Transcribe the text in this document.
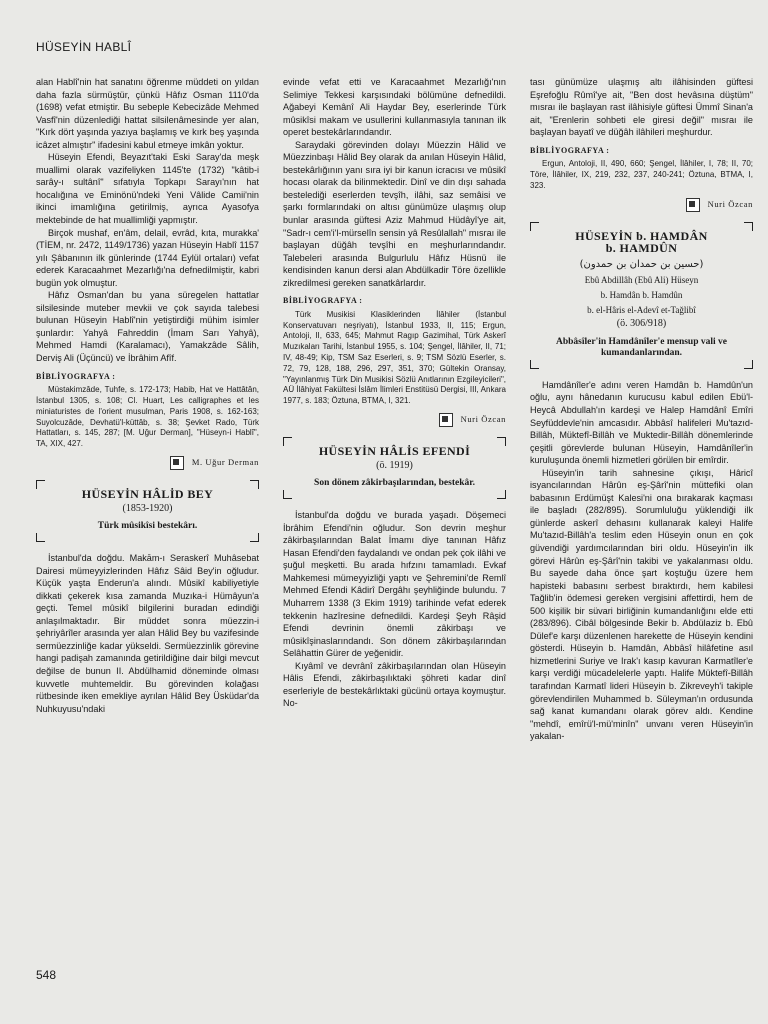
HÜSEYİN HABLÎ

alan Hablî'nin hat sanatını öğrenme müddeti on yıldan daha fazla sürmüştür, çünkü Hâfız Osman 1110'da (1698) vefat etmiştir. Bu sebeple Kebecizâde Mehmed Vasfî'nin düzenlediği hattat silsilenâmesinde yer alan, "Kırk dört yaşında yazıya başlamış ve kırk beş yaşında icâzet almıştır" ifadesini kabul etmeye imkân yoktur.

Hüseyin Efendi, Beyazıt'taki Eski Saray'da meşk muallimi olarak vazifeliyken 1145'te (1732) "kâtib-i sarây-ı sultânî" sıfatıyla Topkapı Sarayı'nın hat hocalığına ve Eminönü'ndeki Yeni Vâlide Camii'nin ikinci imamlığına getirilmiş, ayrıca Ayasofya mektebinde de hat muallimliği yapmıştır.

Birçok mushaf, en'âm, delail, evrâd, kıta, murakka' (TİEM, nr. 2472, 1149/1736) yazan Hüseyin Hablî 1157 yılı Şâbanının ilk günlerinde (1744 Eylül ortaları) vefat ederek Karacaahmet Mezarlığı'na defnedilmiştir, kabri bugün yok olmuştur.

Hâfız Osman'dan bu yana süregelen hattatlar silsilesinde muteber mevkii ve çok sayıda talebesi bulunan Hüseyin Hablî'nin yetiştirdiği mühim isimler şunlardır: Yahyâ Fahreddin (İmam Sarı Yahyâ), Mehmed Hamdi (Karalamacı), Yamakzâde Sâlih, Derviş Ali (Üçüncü) ve İbrâhim Afîf.

BİBLİYOGRAFYA :

Müstakimzâde, Tuhfe, s. 172-173; Habib, Hat ve Hattâtân, İstanbul 1305, s. 108; Cl. Huart, Les calligraphes et les miniaturistes de l'orient musulman, Paris 1908, s. 162-163; Suyolcuzâde, Devhatü'l-küttâb, s. 38; Şevket Rado, Türk Hattatları, s. 145, 287; [M. Uğur Derman], "Hüseyn-i Hablî", TA, XIX, 427.

M. Uğur Derman
HÜSEYİN HÂLİD BEY
(1853-1920)
Türk mûsikîsi bestekârı.

İstanbul'da doğdu. Makām-ı Seraskerî Muhâsebat Dairesi mümeyyizlerinden Hâfız Sâid Bey'in oğludur. Küçük yaşta Enderun'a alındı. Mûsikî kabiliyetiyle dikkati çekerek kısa zamanda Muzıka-i Hümâyun'a geçti. Temel mûsikî bilgilerini buradan edindiği anlaşılmaktadır. Bir müddet sonra müezzin-i şehriyârîler arasında yer alan Hâlid Bey bu vazifesinde sermüezzinliğe kadar yükseldi. Sermüezzinlik görevine hangi padişah zamanında getirildiğine dair bilgi mevcut değilse de bunun II. Abdülhamid döneminde olması kuvvetle muhtemeldir. Bu görevinden kolağası rütbesinde iken emekliye ayrılan Hâlid Bey Üsküdar'da Nuhkuyusu'ndaki

evinde vefat etti ve Karacaahmet Mezarlığı'nın Selimiye Tekkesi karşısındaki bölümüne defnedildi. Ağabeyi Kemânî Ali Haydar Bey, eserlerinde Türk mûsikîsi makam ve usullerini kullanmasıyla tanınan ilk operet bestekârlarındandır.

Saraydaki görevinden dolayı Müezzin Hâlid ve Müezzinbaşı Hâlid Bey olarak da anılan Hüseyin Hâlid, bestekârlığının yanı sıra iyi bir kanun icracısı ve mûsikî hocası olarak da bilinmektedir. Dinî ve din dışı sahada bestelediği eserlerden tevşîh, ilâhi, saz semâisi ve şarkı formlarındaki on altısı günümüze ulaşmış olup bunlar arasında güftesi Aziz Mahmud Hüdâyî'ye ait, "Sadr-ı cem'i'l-mürselîn sensin yâ Resûlallah" mısraı ile başlayan düğâh tevşîhi en meşhurlarındandır. Talebeleri arasında Bulgurlulu Hâfız Hüsnü ile kendisinden kanun dersi alan Abdülkadir Töre özellikle zikredilmesi gereken sanatkârlardır.

BİBLİYOGRAFYA :

Türk Musikisi Klasiklerinden İlâhiler (İstanbul Konservatuvarı neşriyatı), İstanbul 1933, II, 115; Ergun, Antoloji, II, 633, 645; Mahmut Ragıp Gazimihal, Türk Askerî Muzıkaları Tarihi, İstanbul 1955, s. 104; Şengel, İlâhiler, II, 71; IV, 48-49; Kip, TSM Saz Eserleri, s. 9; TSM Sözlü Eserler, s. 72, 79, 128, 188, 296, 297, 351, 370; Gültekin Oransay, "Yayınlanmış Türk Din Musikisi Sözlü Anıtlarının Ezgileyicileri", AÜ İlâhiyat Fakültesi İslâm İlimleri Enstitüsü Dergisi, III, Ankara 1977, s. 183; Öztuna, BTMA, I, 321.

Nuri Özcan
HÜSEYİN HÂLİS EFENDİ
(ö. 1919)
Son dönem zâkirbaşılarından, bestekâr.

İstanbul'da doğdu ve burada yaşadı. Döşemeci İbrâhim Efendi'nin oğludur. Son devrin meşhur zâkirbaşılarından Balat İmamı diye tanınan Hâfız Hasan Efendi'den faydalandı ve ondan pek çok ilâhi ve şuğul meşketti. Bu arada hıfzını tamamladı. Evkaf Mahkemesi mümeyyizliği yaptı ve Şehremini'de Remlî Mehmed Efendi Kâdirî Dergâhı şeyhliğinde bulundu. 7 Muharrem 1338 (3 Ekim 1919) tarihinde vefat ederek tekkenin hazîresine defnedildi. Kardeşi Şeyh Râşid Efendi devrinin önemli zâkirbaşı ve mûsikîşinaslarındandı. Son dönem zâkirbaşılarından Selâhattin Gürer de yeğenidir.

Kıyâmî ve devrânî zâkirbaşılarından olan Hüseyin Hâlis Efendi, zâkirbaşılıktaki şöhreti kadar dinî eserleriyle de bestekârlıktaki gücünü ortaya koymuştur. No-

tası günümüze ulaşmış altı ilâhisinden güftesi Eşrefoğlu Rûmî'ye ait, "Ben dost hevâsına düştüm" mısraı ile başlayan rast ilâhisiyle güftesi Ümmî Sinan'a ait, "Erenlerin sohbeti ele giresi değil" mısraı ile başlayan bayatî ve düğâh ilâhileri meşhurdur.

BİBLİYOGRAFYA :

Ergun, Antoloji, II, 490, 660; Şengel, İlâhiler, I, 78; II, 70; Töre, İlâhiler, IX, 219, 232, 237, 240-241; Öztuna, BTMA, I, 323.

Nuri Özcan
HÜSEYİN b. HAMDÂN
b. HAMDÛN
(حسين بن حمدان بن حمدون)
Ebû Abdillâh (Ebû Ali) Hüseyn
b. Hamdân b. Hamdûn
b. el-Hâris el-Adevî et-Tağlibî
(ö. 306/918)
Abbâsîler'in Hamdânîler'e mensup vali ve kumandanlarından.

Hamdânîler'e adını veren Hamdân b. Hamdûn'un oğlu, aynı hânedanın kurucusu kabul edilen Ebü'l-Heycâ Abdullah'ın kardeşi ve Halep Hamdânî Emîri Seyfüddevle'nin amcasıdır. Abbâsî halifeleri Mu'tazıd-Billâh, Müktefî-Billâh ve Muktedir-Billâh dönemlerinde çeşitli görevlerde bulunan Hüseyin, Hamdânîler'in kuruluşunda önemli hizmetleri görülen bir emîrdir.

Hüseyin'in tarih sahnesine çıkışı, Hâricî isyancılarından Hârûn eş-Şârî'nin mütteﬁki olan babasının Erdümüşt Kalesi'ni ona bırakarak kaçması ile başladı (282/895). Sorumluluğu yüklendiği ilk günlerde askerî dehasını kullanarak kaleyi Halife Mu'tazıd-Billâh'a teslim eden Hüseyin onun en çok güvendiği yardımcılarından biri oldu. Hüseyin'in ilk görevi Hârûn eş-Şârî'nin takibi ve yakalanması oldu. Bu sayede daha önce şart koştuğu üzere hem hapisteki babasını serbest bıraktırdı, hem kabilesi Tağlib'in ödemesi gereken vergisini affettirdi, hem de 500 kişilik bir süvari birliğinin kumandanlığını elde etti (283/896). Cibâl bölgesinde Bekir b. Abdülaziz b. Ebû Dülef'e karşı düzenlenen harekette de Hüseyin kendini gösterdi. Hüseyin b. Hamdân, Abbâsî hilâfetine asıl hizmetlerini Suriye ve Irak'ı kasıp kavuran Karmatîler'e karşı verdiği mücadelelerle yaptı. Halife Müktefî-Billâh tarafından Karmatî lideri Hüseyin b. Zikreveyh'i takiple görevlendirilen Muhammed b. Süleyman'ın ordusunda sağ kanat kumandanı olarak görev aldı. Kendine "mehdî, emîrü'l-mü'minîn" unvanı veren Hüseyin'in yakalan-

548
